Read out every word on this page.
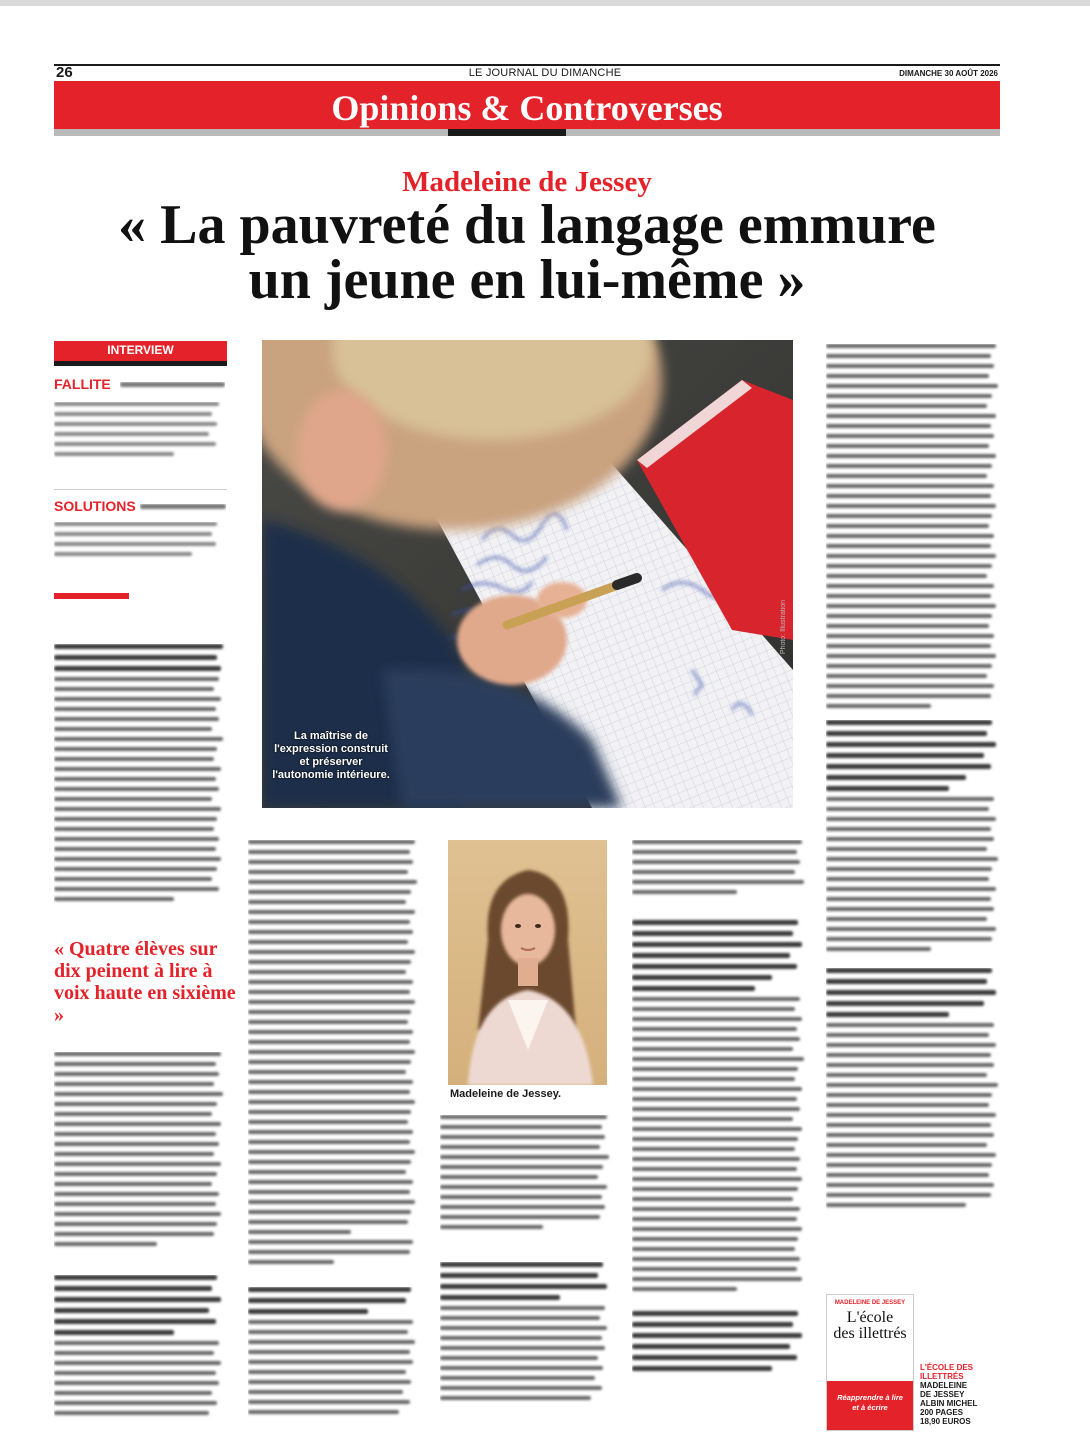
26	LE JOURNAL DU DIMANCHE	DIMANCHE 30 AOÛT 2026
Opinions & Controverses
Madeleine de Jessey
« La pauvreté du langage emmure
un jeune en lui-même »
INTERVIEW
FALLITE
SOLUTIONS
« Quatre élèves sur dix peinent à lire à voix haute en sixième »
La maîtrise de l'expression construit et préserver l'autonomie intérieure.
Photo: Illustration
Madeleine de Jessey.
MADELEINE DE JESSEY
L'école
des illettrés
Réapprendre à lire et à écrire
L'ÉCOLE DES
ILLETTRÉS
MADELEINE
DE JESSEY
ALBIN MICHEL
200 PAGES
18,90 EUROS
